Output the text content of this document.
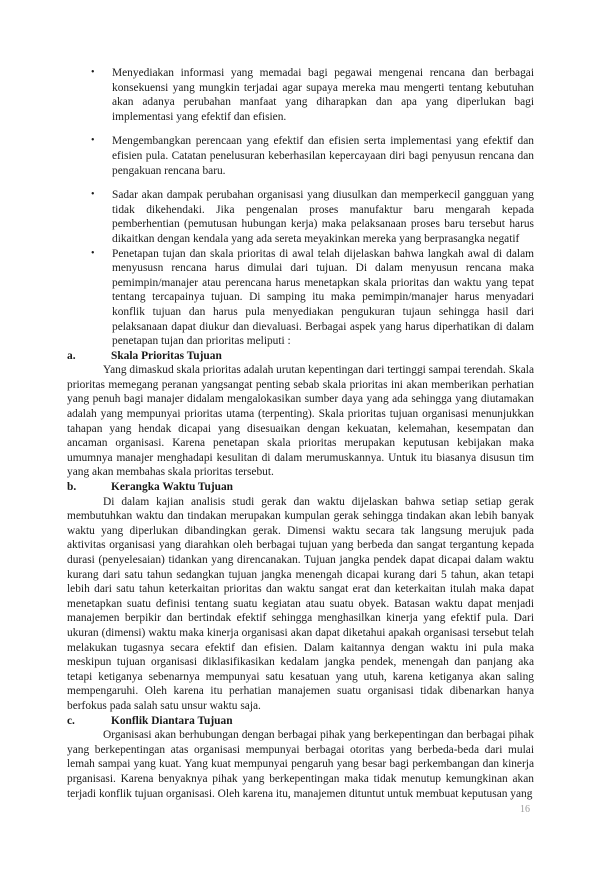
• Menyediakan informasi yang memadai bagi pegawai mengenai rencana dan berbagai konsekuensi yang mungkin terjadai agar supaya mereka mau mengerti tentang kebutuhan akan adanya perubahan manfaat yang diharapkan dan apa yang diperlukan bagi implementasi yang efektif dan efisien.
• Mengembangkan perencaan yang efektif dan efisien serta implementasi yang efektif dan efisien pula. Catatan penelusuran keberhasilan kepercayaan diri bagi penyusun rencana dan pengakuan rencana baru.
• Sadar akan dampak perubahan organisasi yang diusulkan dan memperkecil gangguan yang tidak dikehendaki. Jika pengenalan proses manufaktur baru mengarah kepada pemberhentian (pemutusan hubungan kerja) maka pelaksanaan proses baru tersebut harus dikaitkan dengan kendala yang ada sereta meyakinkan mereka yang berprasangka negatif
• Penetapan tujan dan skala prioritas di awal telah dijelaskan bahwa langkah awal di dalam menyususn rencana harus dimulai dari tujuan. Di dalam menyusun rencana maka pemimpin/manajer atau perencana harus menetapkan skala prioritas dan waktu yang tepat tentang tercapainya tujuan. Di samping itu maka pemimpin/manajer harus menyadari konflik tujuan dan harus pula menyediakan pengukuran tujaun sehingga hasil dari pelaksanaan dapat diukur dan dievaluasi. Berbagai aspek yang harus diperhatikan di dalam penetapan tujan dan prioritas meliputi :
a.	Skala Prioritas Tujuan

Yang dimaskud skala prioritas adalah urutan kepentingan dari tertinggi sampai terendah. Skala prioritas memegang peranan yangsangat penting sebab skala prioritas ini akan memberikan perhatian yang penuh bagi manajer didalam mengalokasikan sumber daya yang ada sehingga yang diutamakan adalah yang mempunyai prioritas utama (terpenting). Skala prioritas tujuan organisasi menunjukkan tahapan yang hendak dicapai yang disesuaikan dengan kekuatan, kelemahan, kesempatan dan ancaman organisasi. Karena penetapan skala prioritas merupakan keputusan kebijakan maka umumnya manajer menghadapi kesulitan di dalam merumuskannya. Untuk itu biasanya disusun tim yang akan membahas skala prioritas tersebut.

b.	Kerangka Waktu Tujuan

Di dalam kajian analisis studi gerak dan waktu dijelaskan bahwa setiap setiap gerak membutuhkan waktu dan tindakan merupakan kumpulan gerak sehingga tindakan akan lebih banyak waktu yang diperlukan dibandingkan gerak. Dimensi waktu secara tak langsung merujuk pada aktivitas organisasi yang diarahkan oleh berbagai tujuan yang berbeda dan sangat tergantung kepada durasi (penyelesaian) tidankan yang direncanakan. Tujuan jangka pendek dapat dicapai dalam waktu kurang dari satu tahun sedangkan tujuan jangka menengah dicapai kurang dari 5 tahun, akan tetapi lebih dari satu tahun keterkaitan prioritas dan waktu sangat erat dan keterkaitan itulah maka dapat menetapkan suatu definisi tentang suatu kegiatan atau suatu obyek. Batasan waktu dapat menjadi manajemen berpikir dan bertindak efektif sehingga menghasilkan kinerja yang efektif pula. Dari ukuran (dimensi) waktu maka kinerja organisasi akan dapat diketahui apakah organisasi tersebut telah melakukan tugasnya secara efektif dan efisien. Dalam kaitannya dengan waktu ini pula maka meskipun tujuan organisasi diklasifikasikan kedalam jangka pendek, menengah dan panjang aka tetapi ketiganya sebenarnya mempunyai satu kesatuan yang utuh, karena ketiganya akan saling mempengaruhi. Oleh karena itu perhatian manajemen suatu organisasi tidak dibenarkan hanya berfokus pada salah satu unsur waktu saja.

c.	Konflik Diantara Tujuan

Organisasi akan berhubungan dengan berbagai pihak yang berkepentingan dan berbagai pihak yang berkepentingan atas organisasi mempunyai berbagai otoritas yang berbeda-beda dari mulai lemah sampai yang kuat. Yang kuat mempunyai pengaruh yang besar bagi perkembangan dan kinerja prganisasi. Karena benyaknya pihak yang berkepentingan maka tidak menutup kemungkinan akan terjadi konflik tujuan organisasi. Oleh karena itu, manajemen dituntut untuk membuat keputusan yang

16
